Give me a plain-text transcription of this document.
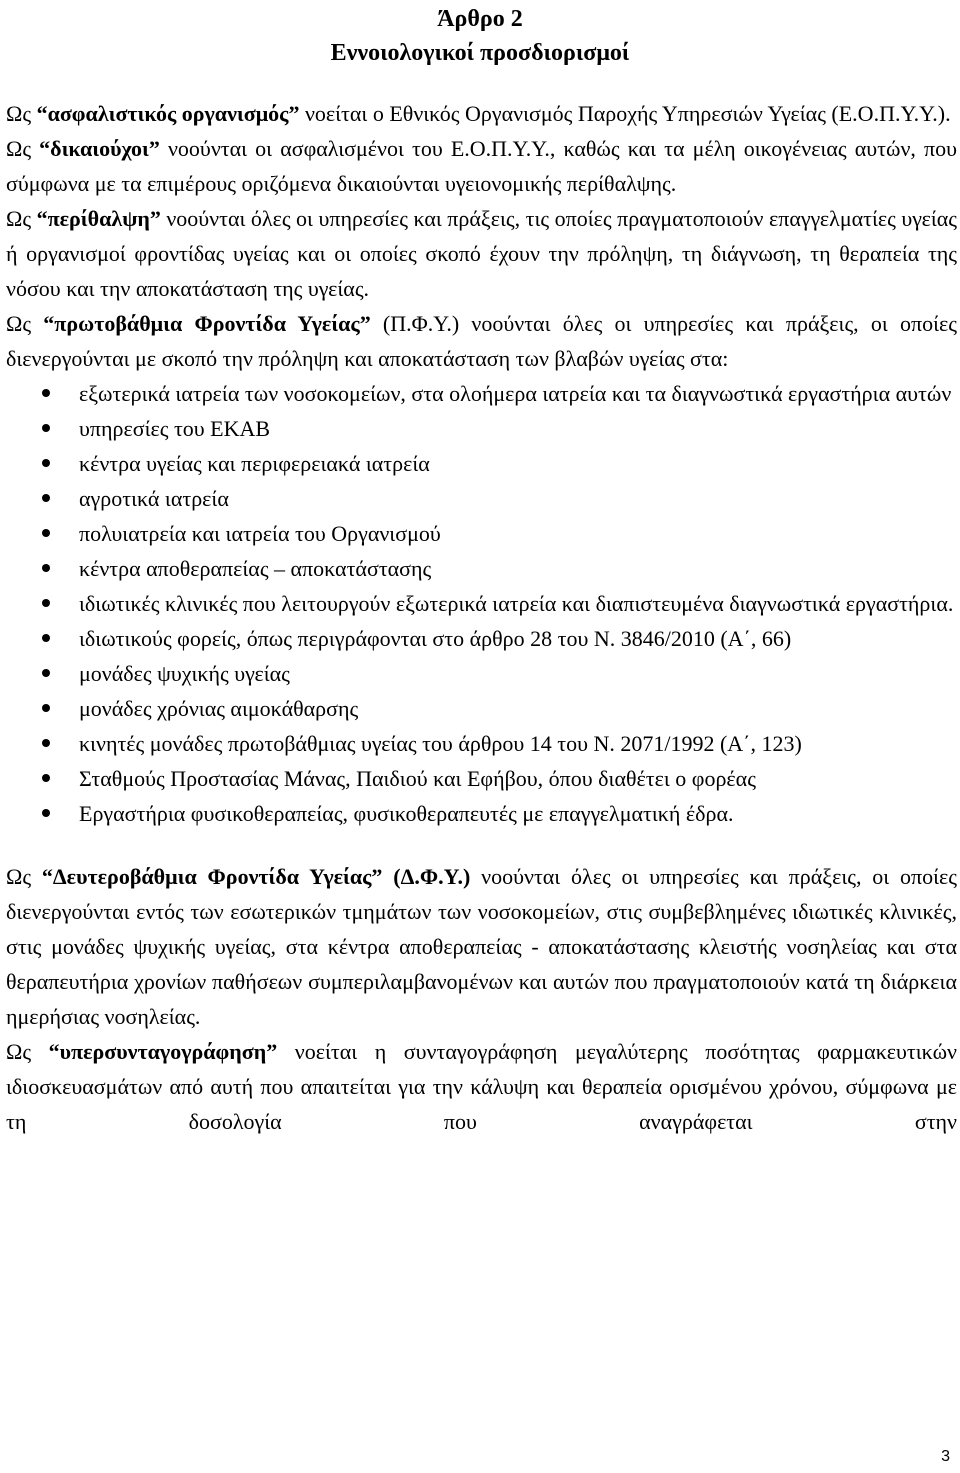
Άρθρο 2
Εννοιολογικοί προσδιορισμοί

Ως “ασφαλιστικός οργανισμός” νοείται ο Εθνικός Οργανισμός Παροχής Υπηρεσιών Υγείας (Ε.Ο.Π.Υ.Υ.).

Ως “δικαιούχοι” νοούνται οι ασφαλισμένοι του Ε.Ο.Π.Υ.Υ., καθώς και τα μέλη οικογένειας αυτών, που σύμφωνα με τα επιμέρους οριζόμενα δικαιούνται υγειονομικής περίθαλψης.

Ως “περίθαλψη” νοούνται όλες οι υπηρεσίες και πράξεις, τις οποίες πραγματοποιούν επαγγελματίες υγείας ή οργανισμοί φροντίδας υγείας και οι οποίες σκοπό έχουν την πρόληψη, τη διάγνωση, τη θεραπεία της νόσου και την αποκατάσταση της υγείας.

Ως “πρωτοβάθμια Φροντίδα Υγείας” (Π.Φ.Υ.) νοούνται όλες οι υπηρεσίες και πράξεις, οι οποίες διενεργούνται με σκοπό την πρόληψη και αποκατάσταση των βλαβών υγείας στα:

εξωτερικά ιατρεία των νοσοκομείων, στα ολοήμερα ιατρεία και τα διαγνωστικά εργαστήρια αυτών
υπηρεσίες του ΕΚΑΒ
κέντρα υγείας και περιφερειακά ιατρεία
αγροτικά ιατρεία
πολυιατρεία και ιατρεία του Οργανισμού
κέντρα αποθεραπείας – αποκατάστασης
ιδιωτικές κλινικές που λειτουργούν εξωτερικά ιατρεία και διαπιστευμένα διαγνωστικά εργαστήρια.
ιδιωτικούς φορείς, όπως περιγράφονται στο άρθρο 28 του Ν. 3846/2010 (Α΄, 66)
μονάδες ψυχικής υγείας
μονάδες χρόνιας αιμοκάθαρσης
κινητές μονάδες πρωτοβάθμιας υγείας του άρθρου 14 του Ν. 2071/1992 (Α΄, 123)
Σταθμούς Προστασίας Μάνας, Παιδιού και Εφήβου, όπου διαθέτει ο φορέας
Εργαστήρια φυσικοθεραπείας, φυσικοθεραπευτές με επαγγελματική έδρα.

Ως “Δευτεροβάθμια Φροντίδα Υγείας” (Δ.Φ.Υ.) νοούνται όλες οι υπηρεσίες και πράξεις, οι οποίες διενεργούνται εντός των εσωτερικών τμημάτων των νοσοκομείων, στις συμβεβλημένες ιδιωτικές κλινικές, στις μονάδες ψυχικής υγείας, στα κέντρα αποθεραπείας - αποκατάστασης κλειστής νοσηλείας και στα θεραπευτήρια χρονίων παθήσεων συμπεριλαμβανομένων και αυτών που πραγματοποιούν κατά τη διάρκεια ημερήσιας νοσηλείας.

Ως “υπερσυνταγογράφηση” νοείται η συνταγογράφηση μεγαλύτερης ποσότητας φαρμακευτικών ιδιοσκευασμάτων από αυτή που απαιτείται για την κάλυψη και θεραπεία ορισμένου χρόνου, σύμφωνα με τη δοσολογία που αναγράφεται στην

3
